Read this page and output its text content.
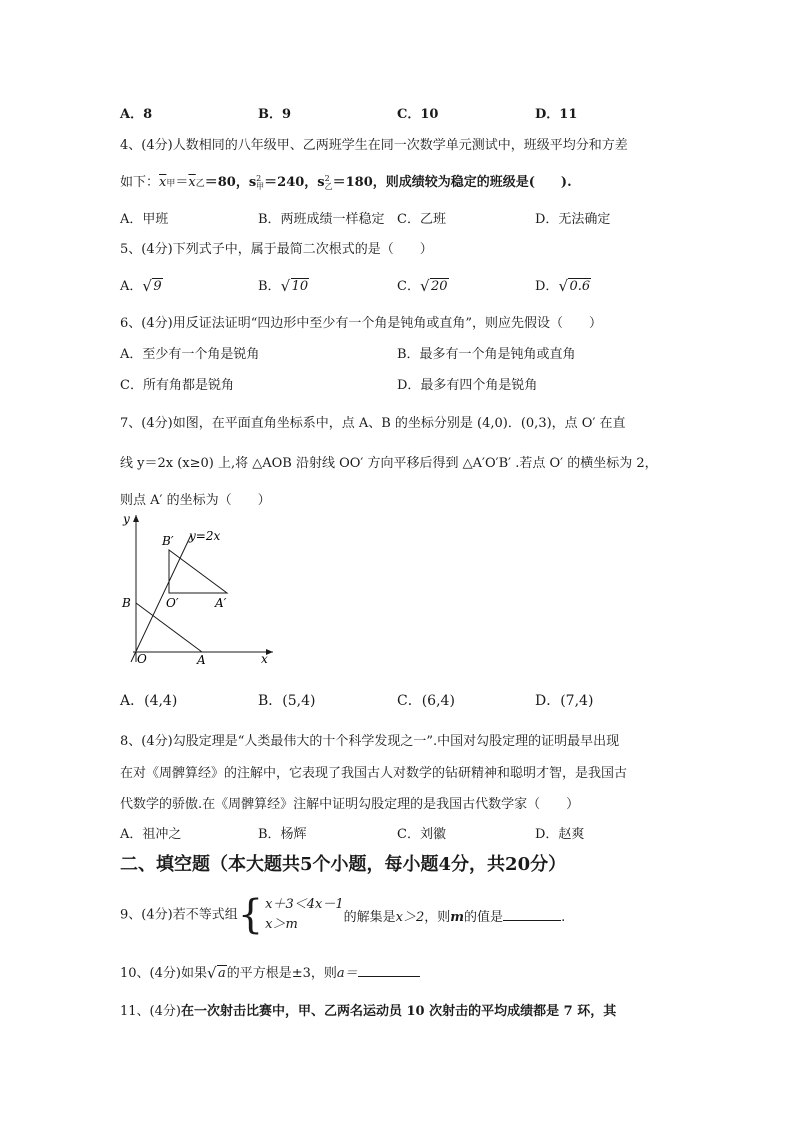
A．8	B．9	C．10	D．11
4、(4分)人数相同的八年级甲、乙两班学生在同一次数学单元测试中，班级平均分和方差
如下：$\overline{x}$甲$=\overline{x}$乙＝80，s 2
甲 ＝240，s 2
乙 ＝180，则成绩较为稳定的班级是(　　).
A．甲班	B．两班成绩一样稳定 C．乙班	D．无法确定
5、(4分)下列式子中，属于最简二次根式的是（　　）
A． √ 9	B． √ 10	C． √ 20	D． √ 0.6
6、(4分)用反证法证明“四边形中至少有一个角是钝角或直角”，则应先假设（　　）
A．至少有一个角是锐角	B．最多有一个角是钝角或直角
C．所有角都是锐角	D．最多有四个角是锐角
7、(4分)如图，在平面直角坐标系中，点 A、B 的坐标分别是 (4,0)．(0,3)，点 O′ 在直
线 y＝2x (x≥0) 上,将 △AOB 沿射线 OO′ 方向平移后得到 △A′O′B′ .若点 O′ 的横坐标为 2，
则点 A′ 的坐标为（　　）
y
x
O	A
B	O′	A′
B′ y=2x
A．(4,4)	B．(5,4)	C．(6,4)	D．(7,4)
8、(4分)勾股定理是“人类最伟大的十个科学发现之一”.中国对勾股定理的证明最早出现
在对《周髀算经》的注解中，它表现了我国古人对数学的钻研精神和聪明才智，是我国古
代数学的骄傲.在《周髀算经》注解中证明勾股定理的是我国古代数学家（　　）
A．祖冲之	B．杨辉	C．刘徽	D．赵爽
二、填空题（本大题共5个小题，每小题4分，共20分）
9、(4分)若不等式组{ x＋3＜4x－1
x＞m	的解集是x＞2，则m的值是	.
10、(4分)如果 √ a的平方根是±3，则a＝
11、(4分)在一次射击比赛中，甲、乙两名运动员 10 次射击的平均成绩都是 7 环，其
